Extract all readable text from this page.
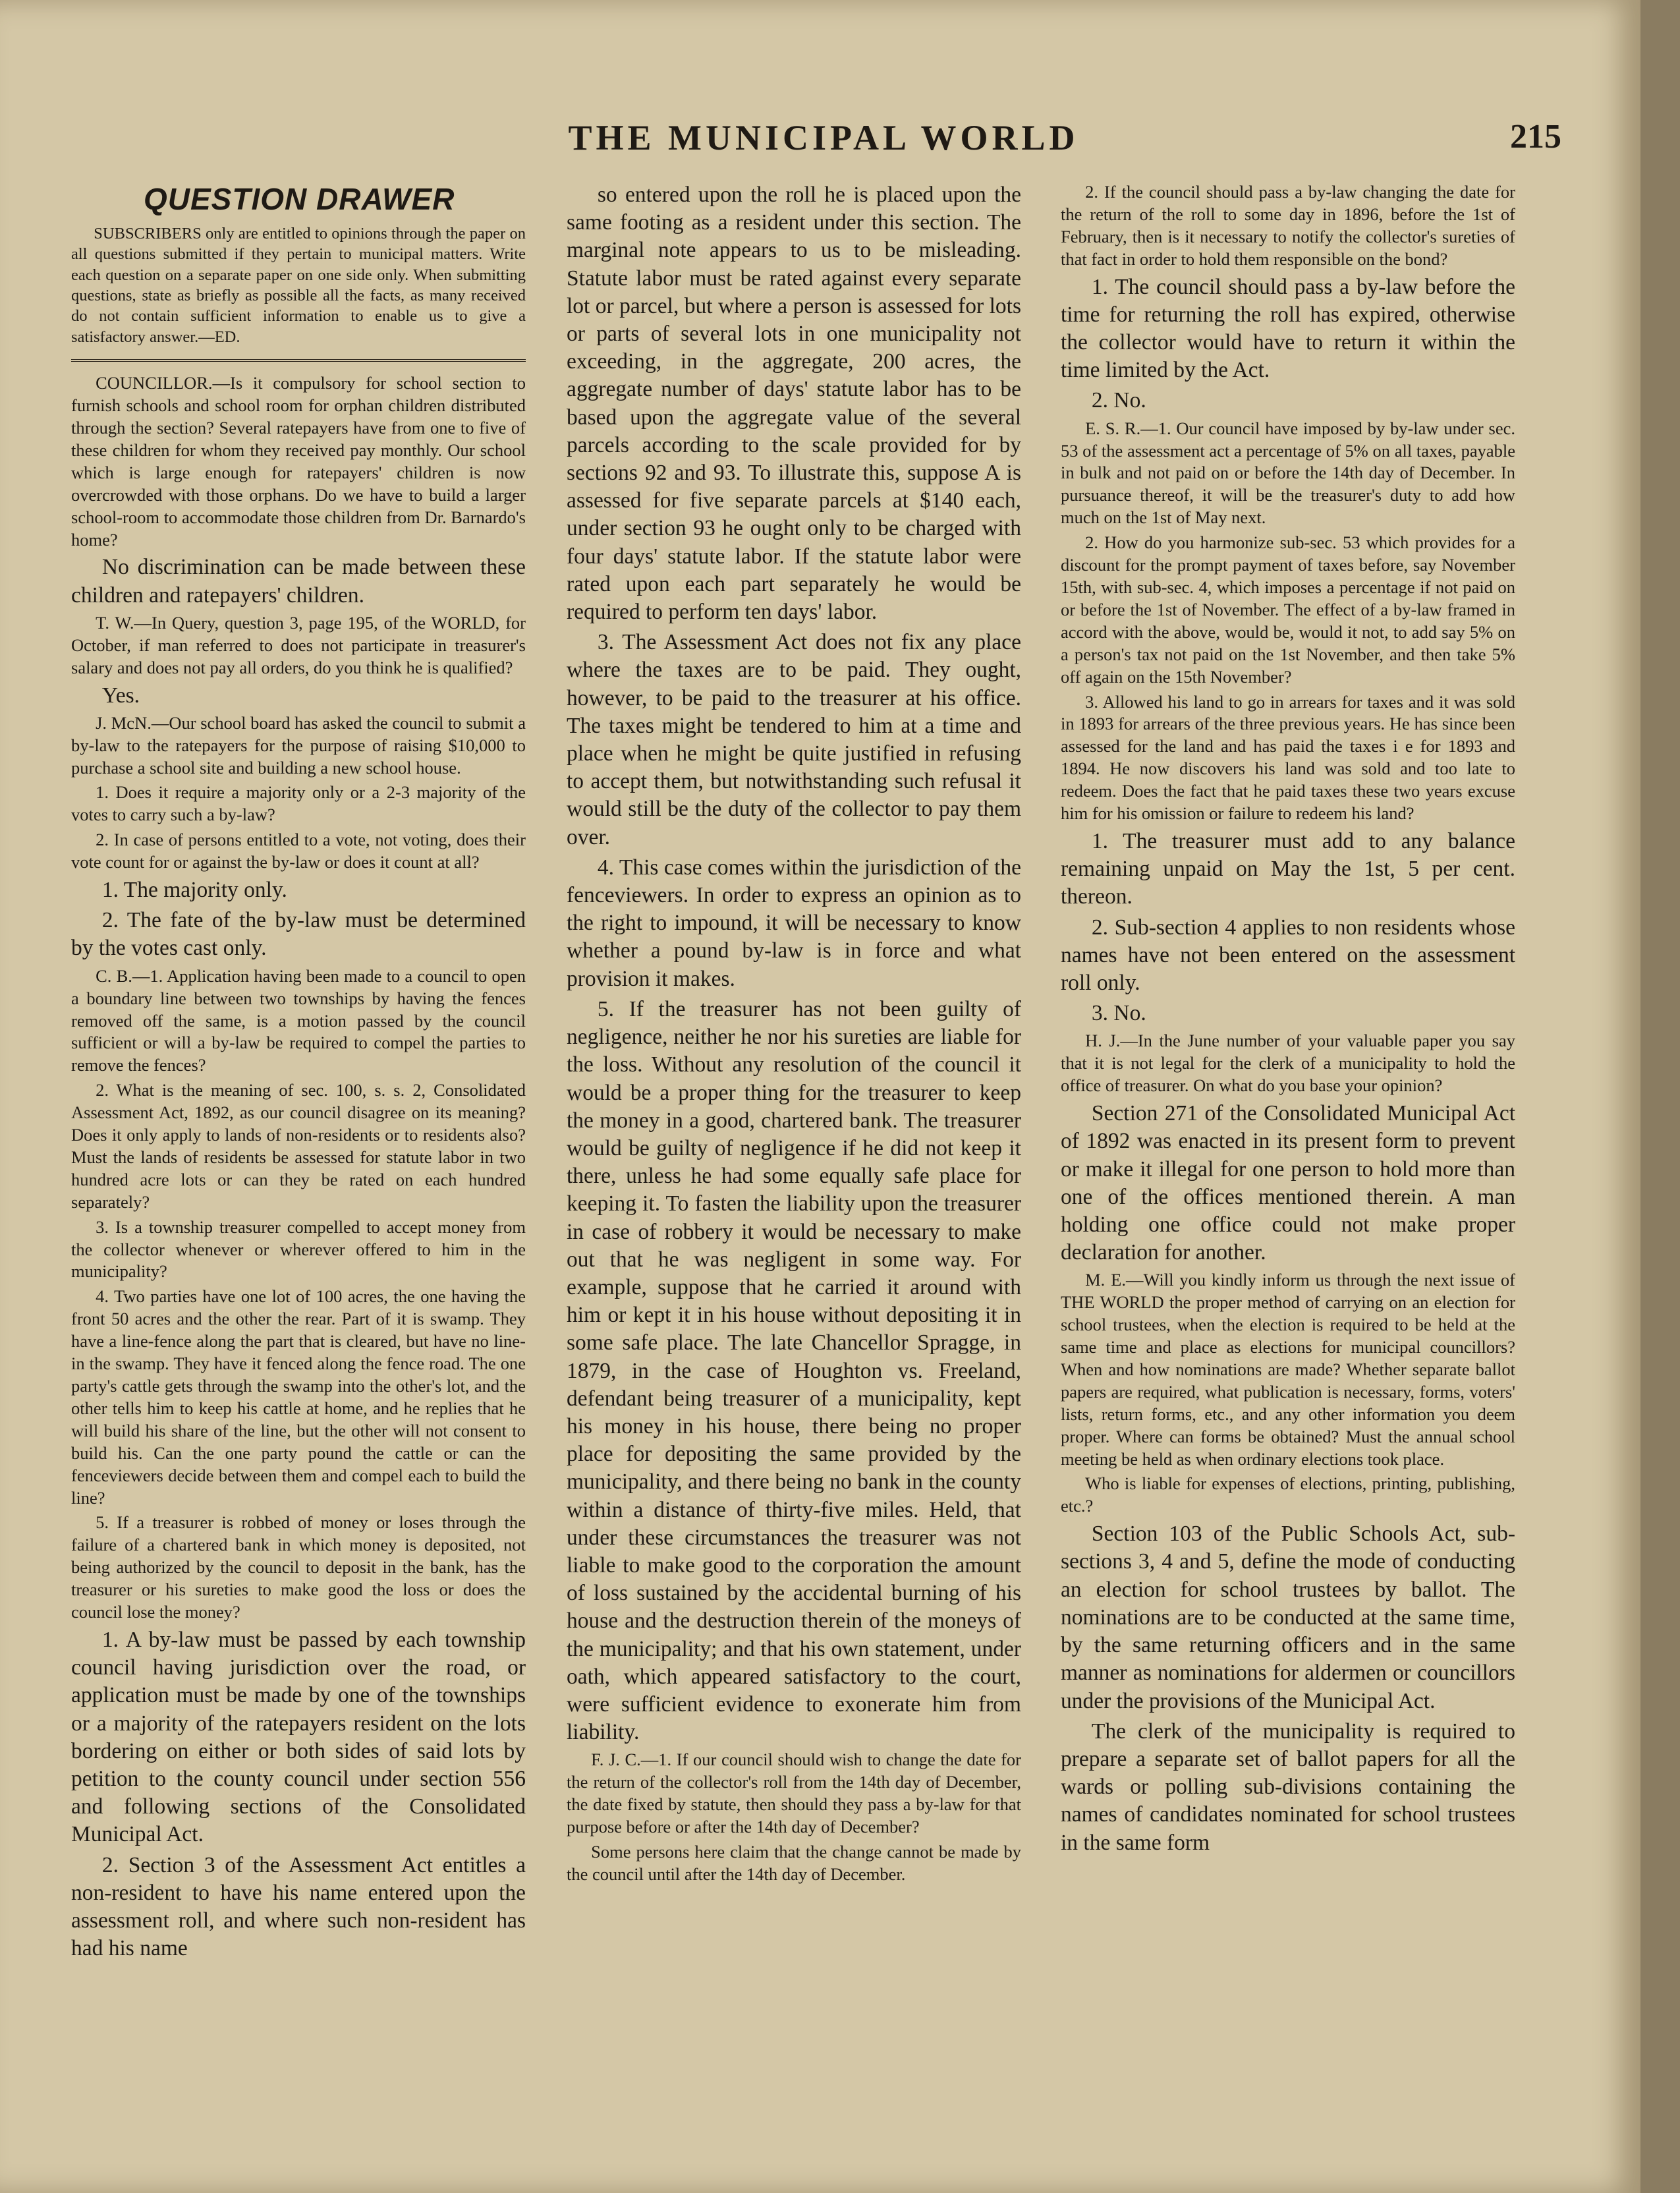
THE MUNICIPAL WORLD	215
QUESTION DRAWER

SUBSCRIBERS only are entitled to opinions through the paper on all questions submitted if they pertain to municipal matters. Write each question on a separate paper on one side only. When submitting questions, state as briefly as possible all the facts, as many received do not contain sufficient information to enable us to give a satisfactory answer.—ED.

COUNCILLOR.—Is it compulsory for school section to furnish schools and school room for orphan children distributed through the section? Several ratepayers have from one to five of these children for whom they received pay monthly. Our school which is large enough for ratepayers' children is now overcrowded with those orphans. Do we have to build a larger school-room to accommodate those children from Dr. Barnardo's home?

No discrimination can be made between these children and ratepayers' children.

T. W.—In Query, question 3, page 195, of the WORLD, for October, if man referred to does not participate in treasurer's salary and does not pay all orders, do you think he is qualified?

Yes.

J. McN.—Our school board has asked the council to submit a by-law to the ratepayers for the purpose of raising $10,000 to purchase a school site and building a new school house.

1. Does it require a majority only or a 2-3 majority of the votes to carry such a by-law?

2. In case of persons entitled to a vote, not voting, does their vote count for or against the by-law or does it count at all?

1. The majority only.

2. The fate of the by-law must be determined by the votes cast only.

C. B.—1. Application having been made to a council to open a boundary line between two townships by having the fences removed off the same, is a motion passed by the council sufficient or will a by-law be required to compel the parties to remove the fences?

2. What is the meaning of sec. 100, s. s. 2, Consolidated Assessment Act, 1892, as our council disagree on its meaning? Does it only apply to lands of non-residents or to residents also? Must the lands of residents be assessed for statute labor in two hundred acre lots or can they be rated on each hundred separately?

3. Is a township treasurer compelled to accept money from the collector whenever or wherever offered to him in the municipality?

4. Two parties have one lot of 100 acres, the one having the front 50 acres and the other the rear. Part of it is swamp. They have a line-fence along the part that is cleared, but have no line-in the swamp. They have it fenced along the fence road. The one party's cattle gets through the swamp into the other's lot, and the other tells him to keep his cattle at home, and he replies that he will build his share of the line, but the other will not consent to build his. Can the one party pound the cattle or can the fenceviewers decide between them and compel each to build the line?

5. If a treasurer is robbed of money or loses through the failure of a chartered bank in which money is deposited, not being authorized by the council to deposit in the bank, has the treasurer or his sureties to make good the loss or does the council lose the money?

1. A by-law must be passed by each township council having jurisdiction over the road, or application must be made by one of the townships or a majority of the ratepayers resident on the lots bordering on either or both sides of said lots by petition to the county council under section 556 and following sections of the Consolidated Municipal Act.

2. Section 3 of the Assessment Act entitles a non-resident to have his name entered upon the assessment roll, and where such non-resident has had his name

so entered upon the roll he is placed upon the same footing as a resident under this section. The marginal note appears to us to be misleading. Statute labor must be rated against every separate lot or parcel, but where a person is assessed for lots or parts of several lots in one municipality not exceeding, in the aggregate, 200 acres, the aggregate number of days' statute labor has to be based upon the aggregate value of the several parcels according to the scale provided for by sections 92 and 93. To illustrate this, suppose A is assessed for five separate parcels at $140 each, under section 93 he ought only to be charged with four days' statute labor. If the statute labor were rated upon each part separately he would be required to perform ten days' labor.

3. The Assessment Act does not fix any place where the taxes are to be paid. They ought, however, to be paid to the treasurer at his office. The taxes might be tendered to him at a time and place when he might be quite justified in refusing to accept them, but notwithstanding such refusal it would still be the duty of the collector to pay them over.

4. This case comes within the jurisdiction of the fenceviewers. In order to express an opinion as to the right to impound, it will be necessary to know whether a pound by-law is in force and what provision it makes.

5. If the treasurer has not been guilty of negligence, neither he nor his sureties are liable for the loss. Without any resolution of the council it would be a proper thing for the treasurer to keep the money in a good, chartered bank. The treasurer would be guilty of negligence if he did not keep it there, unless he had some equally safe place for keeping it. To fasten the liability upon the treasurer in case of robbery it would be necessary to make out that he was negligent in some way. For example, suppose that he carried it around with him or kept it in his house without depositing it in some safe place. The late Chancellor Spragge, in 1879, in the case of Houghton vs. Freeland, defendant being treasurer of a municipality, kept his money in his house, there being no proper place for depositing the same provided by the municipality, and there being no bank in the county within a distance of thirty-five miles. Held, that under these circumstances the treasurer was not liable to make good to the corporation the amount of loss sustained by the accidental burning of his house and the destruction therein of the moneys of the municipality; and that his own statement, under oath, which appeared satisfactory to the court, were sufficient evidence to exonerate him from liability.

F. J. C.—1. If our council should wish to change the date for the return of the collector's roll from the 14th day of December, the date fixed by statute, then should they pass a by-law for that purpose before or after the 14th day of December?

Some persons here claim that the change cannot be made by the council until after the 14th day of December.

2. If the council should pass a by-law changing the date for the return of the roll to some day in 1896, before the 1st of February, then is it necessary to notify the collector's sureties of that fact in order to hold them responsible on the bond?

1. The council should pass a by-law before the time for returning the roll has expired, otherwise the collector would have to return it within the time limited by the Act.

2. No.

E. S. R.—1. Our council have imposed by by-law under sec. 53 of the assessment act a percentage of 5% on all taxes, payable in bulk and not paid on or before the 14th day of December. In pursuance thereof, it will be the treasurer's duty to add how much on the 1st of May next.

2. How do you harmonize sub-sec. 53 which provides for a discount for the prompt payment of taxes before, say November 15th, with sub-sec. 4, which imposes a percentage if not paid on or before the 1st of November. The effect of a by-law framed in accord with the above, would be, would it not, to add say 5% on a person's tax not paid on the 1st November, and then take 5% off again on the 15th November?

3. Allowed his land to go in arrears for taxes and it was sold in 1893 for arrears of the three previous years. He has since been assessed for the land and has paid the taxes i e for 1893 and 1894. He now discovers his land was sold and too late to redeem. Does the fact that he paid taxes these two years excuse him for his omission or failure to redeem his land?

1. The treasurer must add to any balance remaining unpaid on May the 1st, 5 per cent. thereon.

2. Sub-section 4 applies to non residents whose names have not been entered on the assessment roll only.

3. No.

H. J.—In the June number of your valuable paper you say that it is not legal for the clerk of a municipality to hold the office of treasurer. On what do you base your opinion?

Section 271 of the Consolidated Municipal Act of 1892 was enacted in its present form to prevent or make it illegal for one person to hold more than one of the offices mentioned therein. A man holding one office could not make proper declaration for another.

M. E.—Will you kindly inform us through the next issue of THE WORLD the proper method of carrying on an election for school trustees, when the election is required to be held at the same time and place as elections for municipal councillors? When and how nominations are made? Whether separate ballot papers are required, what publication is necessary, forms, voters' lists, return forms, etc., and any other information you deem proper. Where can forms be obtained? Must the annual school meeting be held as when ordinary elections took place.

Who is liable for expenses of elections, printing, publishing, etc.?

Section 103 of the Public Schools Act, sub-sections 3, 4 and 5, define the mode of conducting an election for school trustees by ballot. The nominations are to be conducted at the same time, by the same returning officers and in the same manner as nominations for aldermen or councillors under the provisions of the Municipal Act.

The clerk of the municipality is required to prepare a separate set of ballot papers for all the wards or polling sub-divisions containing the names of candidates nominated for school trustees in the same form
